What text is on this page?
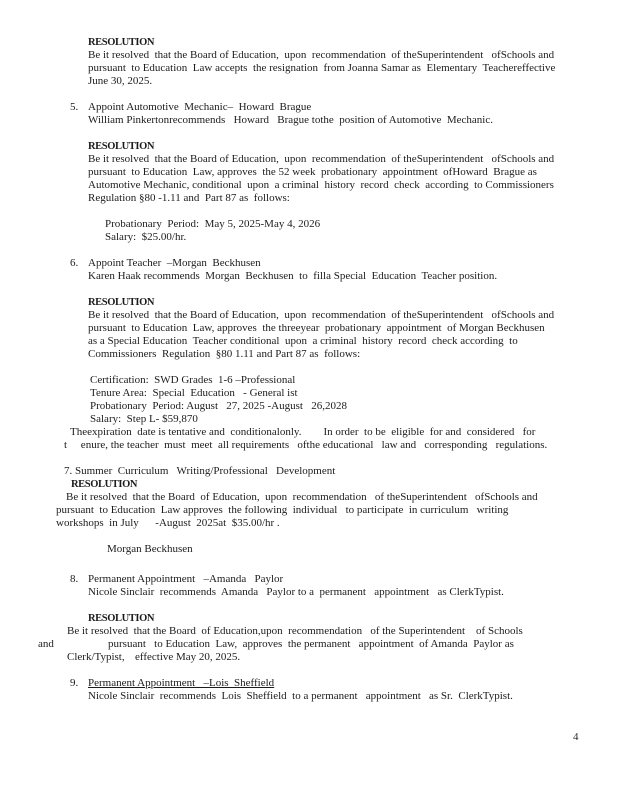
RESOLUTION
Be it resolved  that the Board of Education,  upon  recommendation  of theSuperintendent   ofSchools and
pursuant  to Education  Law accepts  the resignation  from Joanna Samar as  Elementary  Teachereffective
June 30, 2025.
5. Appoint Automotive  Mechanic–  Howard  Brague
William Pinkertonrecommends   Howard   Brague tothe  position of Automotive  Mechanic.
RESOLUTION
Be it resolved  that the Board of Education,  upon  recommendation  of theSuperintendent   ofSchools and
pursuant  to Education  Law, approves  the 52 week  probationary  appointment  ofHoward  Brague as
Automotive Mechanic, conditional  upon  a criminal  history  record  check  according  to Commissioners
Regulation §80 -1.11 and  Part 87 as  follows:
Probationary  Period:  May 5, 2025-May 4, 2026
Salary:  $25.00/hr.
6. Appoint Teacher  –Morgan  Beckhusen
Karen Haak recommends  Morgan  Beckhusen  to  filla Special  Education  Teacher position.
RESOLUTION
Be it resolved  that the Board of Education,  upon  recommendation  of theSuperintendent   ofSchools and
pursuant  to Education  Law, approves  the threeyear  probationary  appointment  of Morgan Beckhusen
as a Special Education  Teacher conditional  upon  a criminal  history  record  check according  to
Commissioners  Regulation  §80 1.11 and Part 87 as  follows:
Certification:  SWD Grades  1-6 –Professional
Tenure Area:  Special  Education   - General ist
Probationary  Period: August   27, 2025 -August   26,2028
Salary:  Step L- $59,870
Theexpiration  date is tentative and  conditionalonly.        In order  to be  eligible  for and  considered   for
t     enure, the teacher  must  meet  all requirements   ofthe educational   law and   corresponding   regulations.
7. Summer  Curriculum   Writing/Professional   Development
RESOLUTION
Be it resolved  that the Board  of Education,  upon  recommendation   of theSuperintendent   ofSchools and
pursuant  to Education  Law approves  the following  individual   to participate  in curriculum   writing
workshops  in July      -August  2025at  $35.00/hr .
Morgan Beckhusen
8. Permanent Appointment   –Amanda   Paylor
Nicole Sinclair  recommends  Amanda   Paylor to a  permanent   appointment   as ClerkTypist.
RESOLUTION
Be it resolved  that the Board  of Education,upon  recommendation   of the Superintendent    of Schools
and	pursuant   to Education  Law,  approves  the permanent   appointment  of Amanda  Paylor as
Clerk/Typist, effective May 20, 2025.
9. Permanent Appointment   –Lois  Sheffield
Nicole Sinclair  recommends  Lois  Sheffield  to a permanent   appointment   as Sr.  ClerkTypist.
4
